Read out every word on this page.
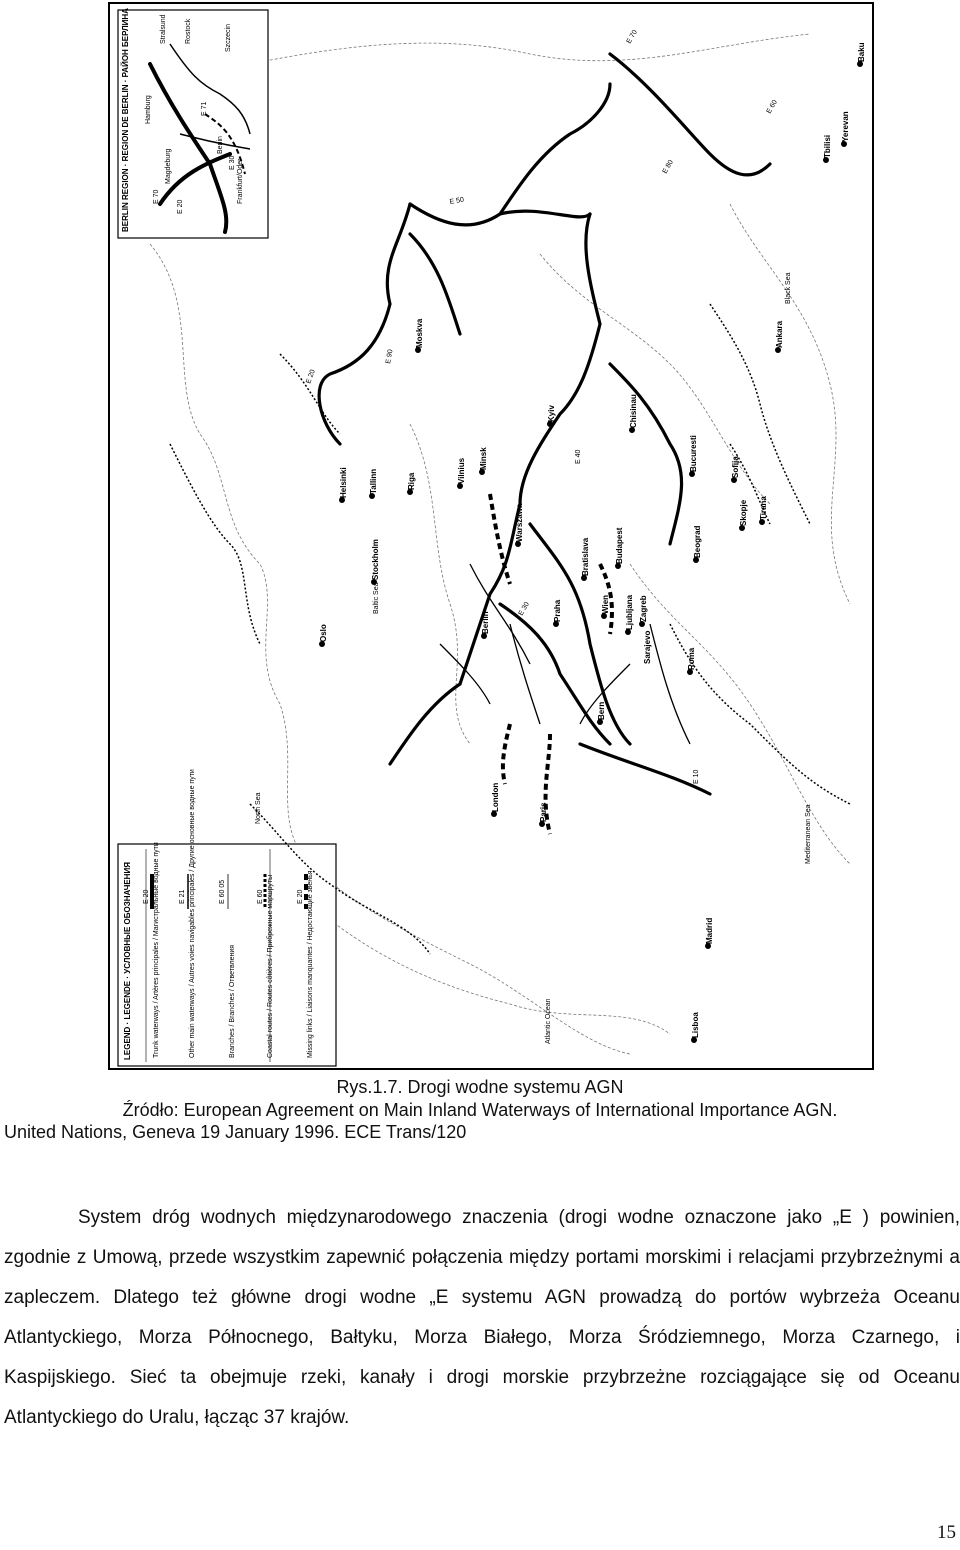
Moskva
Kyiv
Minsk
Vilnius
Riga
Tallinn
Helsinki
Stockholm
Oslo
Warszawa
Berlin
Praha	Wien
Bratislava	Budapest	Beograd
Zagreb
Ljubljana
Bucuresti	Sofija
Skopje Tirana
Roma
Bern
Paris
London
Madrid
Lisboa
Ankara
Tbilisi
Yerevan
Baku
Chisinau
Sarajevo
North Sea
Baltic Sea
Black Sea
Atlantic Ocean
Mediterranean Sea
E 10
E 20
E 30
E 40
E 50
E 60
E 70
E 80
E 90
BERLIN REGION · REGION DE BERLIN · РАЙОН БЕРЛИНА	Stralsund	Szczecin
Berlin
Frankfurt/Oder
Magdeburg
Hamburg
Rostock
E 70
E 71
E 30
E 20
LEGEND · LEGENDE · УСЛОВНЫЕ ОБОЗНАЧЕНИЯ	Trunk waterways / Artères principales / Магистральные водные пути
E 20	Other main waterways / Autres voies navigables principales / Другие основные водные пути
E 21
Branches / Branches / Ответвления
E 60 05	Coastal routes / Routes côtières / Прибрежные маршруты
E 60	Missing links / Liaisons manquantes / Недостающие звенья
E 20
Rys.1.7. Drogi wodne systemu AGN
Źródło: European Agreement on Main Inland Waterways of International Importance AGN.
United Nations, Geneva 19 January 1996. ECE Trans/120

System dróg wodnych międzynarodowego znaczenia (drogi wodne oznaczone jako „E ) powinien, zgodnie z Umową, przede wszystkim zapewnić połączenia między portami morskimi i relacjami przybrzeżnymi a zapleczem. Dlatego też główne drogi wodne „E systemu AGN prowadzą do portów wybrzeża Oceanu Atlantyckiego, Morza Północnego, Bałtyku, Morza Białego, Morza Śródziemnego, Morza Czarnego, i Kaspijskiego. Sieć ta obejmuje rzeki, kanały i drogi morskie przybrzeżne rozciągające się od Oceanu Atlantyckiego do Uralu, łącząc 37 krajów.

15
